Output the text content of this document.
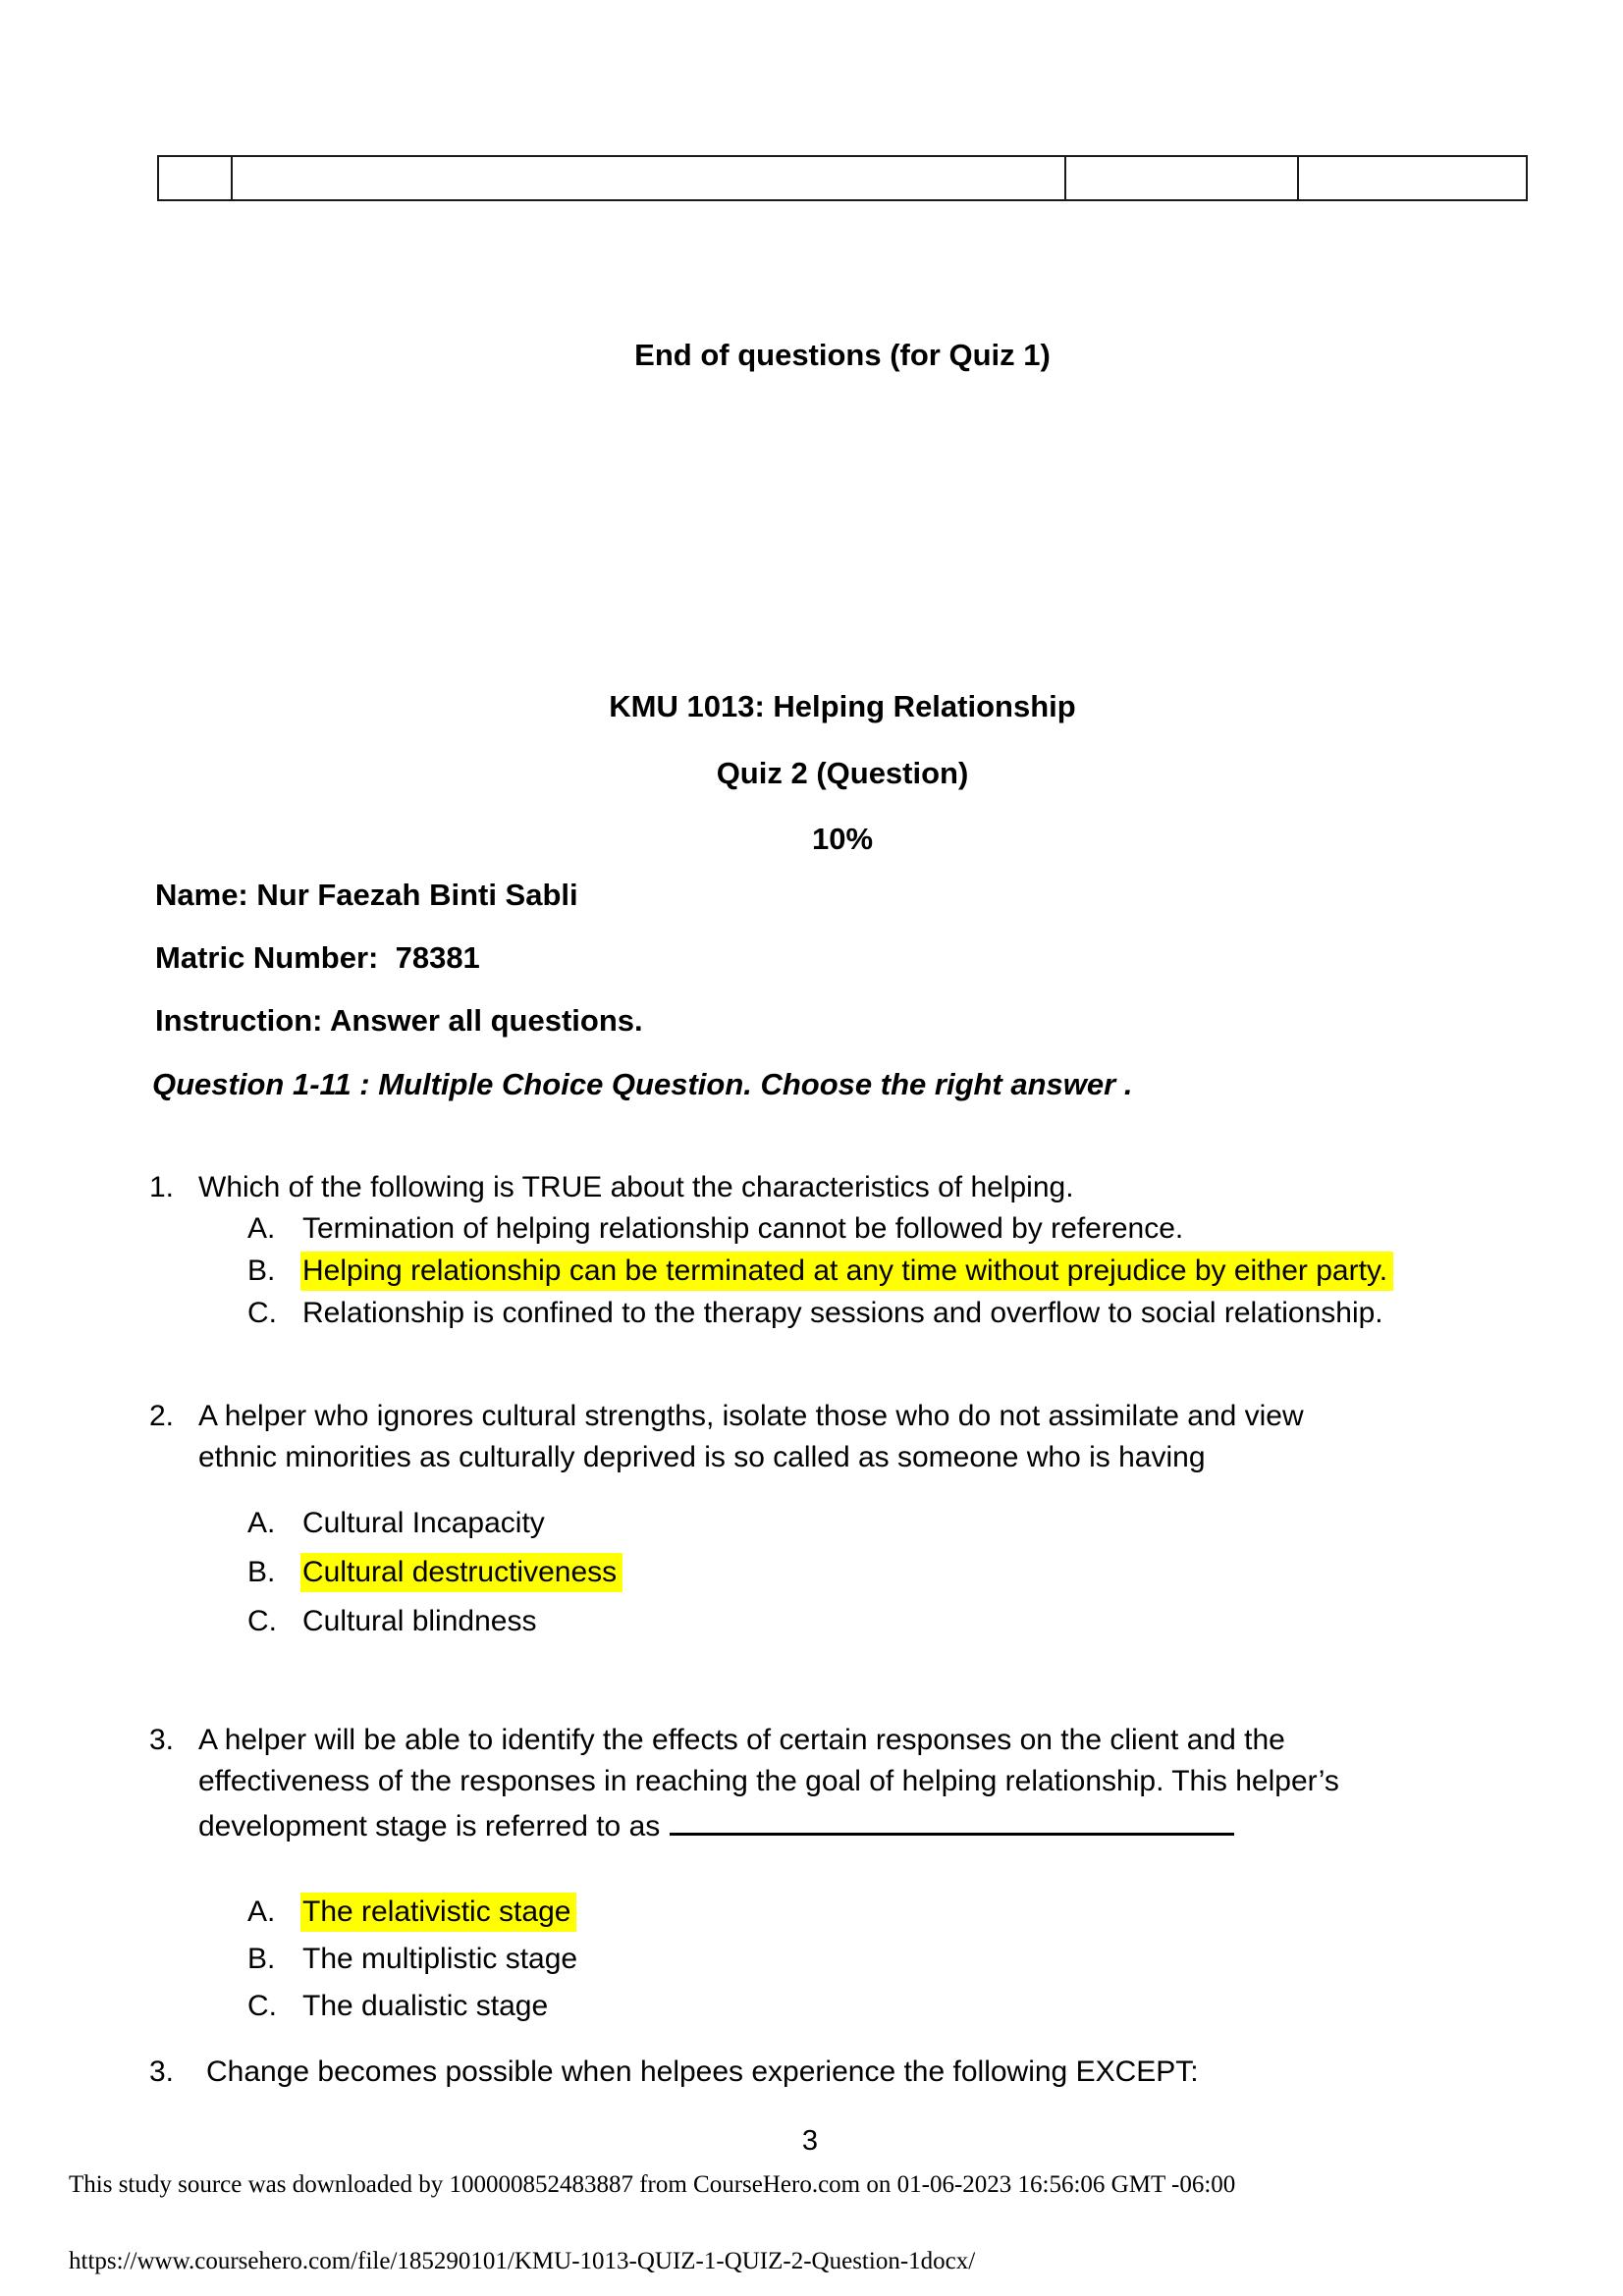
End of questions (for Quiz 1)
KMU 1013: Helping Relationship
Quiz 2 (Question)
10%
Name: Nur Faezah Binti Sabli
Matric Number:  78381
Instruction: Answer all questions.
Question 1-11 : Multiple Choice Question. Choose the right answer .
1. Which of the following is TRUE about the characteristics of helping.
A. Termination of helping relationship cannot be followed by reference.
B. Helping relationship can be terminated at any time without prejudice by either party.
C. Relationship is confined to the therapy sessions and overflow to social relationship.
2. A helper who ignores cultural strengths, isolate those who do not assimilate and view
ethnic minorities as culturally deprived is so called as someone who is having
A. Cultural Incapacity
B. Cultural destructiveness
C. Cultural blindness
3. A helper will be able to identify the effects of certain responses on the client and the
effectiveness of the responses in reaching the goal of helping relationship. This helper’s
development stage is referred to as
A. The relativistic stage
B. The multiplistic stage
C. The dualistic stage
3. Change becomes possible when helpees experience the following EXCEPT:
3
This study source was downloaded by 100000852483887 from CourseHero.com on 01-06-2023 16:56:06 GMT -06:00
https://www.coursehero.com/file/185290101/KMU-1013-QUIZ-1-QUIZ-2-Question-1docx/
